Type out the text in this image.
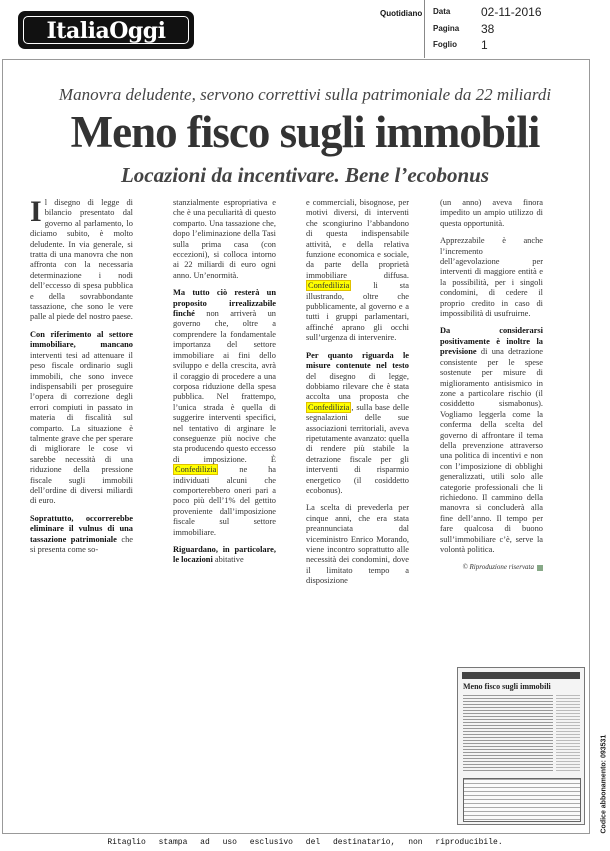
ItaliaOggi
Quotidiano Data	02-11-2016
Pagina 38
Foglio 1
Manovra deludente, servono correttivi sulla patrimoniale da 22 miliardi
Meno fisco sugli immobili
Locazioni da incentivare. Bene l’ecobonus

Il disegno di legge di bilancio presentato dal governo al parlamento, lo diciamo subito, è molto deludente. In via generale, si tratta di una manovra che non affronta con la necessaria determinazione i nodi dell’eccesso di spesa pubblica e della sovrabbondante tassazione, che sono le vere palle al piede del nostro paese.

Con riferimento al settore immobiliare, mancano interventi tesi ad attenuare il peso fiscale ordinario sugli immobili, che sono invece indispensabili per proseguire l’opera di correzione degli errori compiuti in passato in materia di fiscalità sul comparto. La situazione è talmente grave che per sperare di migliorare le cose vi sarebbe necessità di una riduzione della pressione fiscale sugli immobili dell’ordine di diversi miliardi di euro.

Soprattutto, occorrerebbe eliminare il vulnus di una tassazione patrimoniale che si presenta come so-

stanzialmente espropriativa e che è una peculiarità di questo comparto. Una tassazione che, dopo l’eliminazione della Tasi sulla prima casa (con eccezioni), si colloca intorno ai 22 miliardi di euro ogni anno. Un’enormità.

Ma tutto ciò resterà un proposito irrealizzabile finché non arriverà un governo che, oltre a comprendere la fondamentale importanza del settore immobiliare ai fini dello sviluppo e della crescita, avrà il coraggio di procedere a una corposa riduzione della spesa pubblica. Nel frattempo, l’unica strada è quella di suggerire interventi specifici, nel tentativo di arginare le conseguenze più nocive che sta producendo questo eccesso di imposizione. È Confedilizia ne ha individuati alcuni che comporterebbero oneri pari a poco più dell’1% del gettito proveniente dall’imposizione fiscale sul settore immobiliare.

Riguardano, in particolare, le locazioni abitative

e commerciali, bisognose, per motivi diversi, di interventi che scongiurino l’abbandono di questa indispensabile attività, e della relativa funzione economica e sociale, da parte della proprietà immobiliare diffusa. Confedilizia li sta illustrando, oltre che pubblicamente, al governo e a tutti i gruppi parlamentari, affinché aprano gli occhi sull’urgenza di intervenire.

Per quanto riguarda le misure contenute nel testo del disegno di legge, dobbiamo rilevare che è stata accolta una proposta che Confedilizia , sulla base delle segnalazioni delle sue associazioni territoriali, aveva ripetutamente avanzato: quella di rendere più stabile la detrazione fiscale per gli interventi di risparmio energetico (il cosiddetto ecobonus).

La scelta di prevederla per cinque anni, che era stata preannunciata dal viceministro Enrico Morando, viene incontro soprattutto alle necessità dei condomini, dove il limitato tempo a disposizione

(un anno) aveva finora impedito un ampio utilizzo di questa opportunità.

Apprezzabile è anche l’incremento dell’agevolazione per interventi di maggiore entità e la possibilità, per i singoli condomini, di cedere il proprio credito in caso di impossibilità di usufruirne.

Da considerarsi positivamente è inoltre la previsione di una detrazione consistente per le spese sostenute per misure di miglioramento antisismico in zone a particolare rischio (il cosiddetto sismabonus). Vogliamo leggerla come la conferma della scelta del governo di affrontare il tema della prevenzione attraverso una politica di incentivi e non con l’imposizione di obblighi generalizzati, utili solo alle categorie professionali che li richiedono. Il cammino della manovra si concluderà alla fine dell’anno. Il tempo per fare qualcosa di buono sull’immobiliare c’è, serve la volontà politica.

© Riproduzione riservata
Meno fisco sugli immobili
Codice abbonamento: 093531
Ritaglio stampa ad uso esclusivo del destinatario, non riproducibile.
